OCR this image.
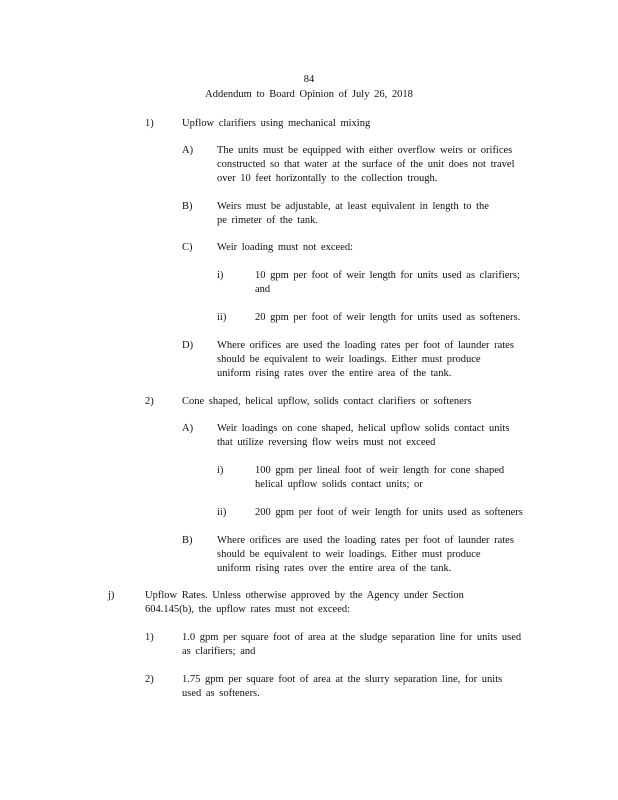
84
Addendum to Board Opinion of July 26, 2018
1)	Upflow clarifiers using mechanical mixing
A) The units must be equipped with either overflow weirs or orifices
constructed so that water at the surface of the unit does not travel
over 10 feet horizontally to the collection trough.
B) Weirs must be adjustable, at least equivalent in length to the
pe rimeter of the tank.
C) Weir loading must not exceed:
i)	10 gpm per foot of weir length for units used as clarifiers;
and
ii)	20 gpm per foot of weir length for units used as softeners.
D) Where orifices are used the loading rates per foot of launder rates
should be equivalent to weir loadings. Either must produce
uniform rising rates over the entire area of the tank.
2)	Cone shaped, helical upflow, solids contact clarifiers or softeners
A) Weir loadings on cone shaped, helical upflow solids contact units
that utilize reversing flow weirs must not exceed
i)	100 gpm per lineal foot of weir length for cone shaped
helical upflow solids contact units; or
ii)	200 gpm per foot of weir length for units used as softeners
B) Where orifices are used the loading rates per foot of launder rates
should be equivalent to weir loadings. Either must produce
uniform rising rates over the entire area of the tank.
j)	Upflow Rates. Unless otherwise approved by the Agency under Section
604.145(b), the upflow rates must not exceed:
1)	1.0 gpm per square foot of area at the sludge separation line for units used
as clarifiers; and
2)	1.75 gpm per square foot of area at the slurry separation line, for units
used as softeners.
